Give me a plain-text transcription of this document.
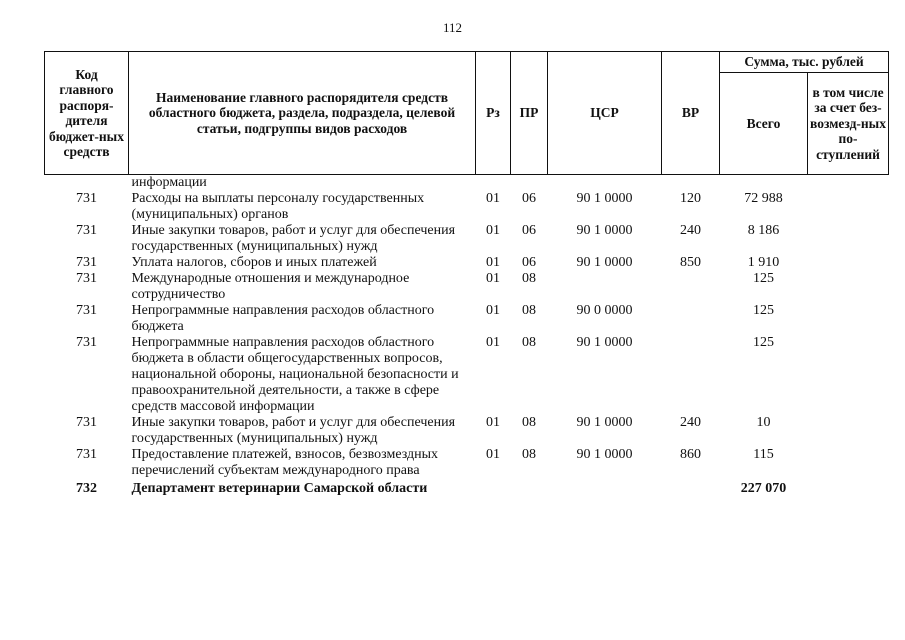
112
Код главного распоря-дителя бюджет-ных средств	Наименование главного распорядителя средств областного бюджета, раздела, подраздела, целевой статьи, подгруппы видов расходов	Рз	ПР	ЦСР	ВР	Сумма, тыс. рублей	
						Всего	в том числе за счет без-возмезд-ных по-ступлений
	информации						
731	Расходы на выплаты персоналу государственных (муниципальных) органов	01	06	90 1 0000	120	72 988	
731	Иные закупки товаров, работ и услуг для обеспечения государственных (муниципальных) нужд	01	06	90 1 0000	240	8 186	
731	Уплата налогов, сборов и иных платежей	01	06	90 1 0000	850	1 910	
731	Международные отношения и международное сотрудничество	01	08			125	
731	Непрограммные направления расходов областного бюджета	01	08	90 0 0000		125	
731	Непрограммные направления расходов областного бюджета в области общегосударственных вопросов, национальной обороны, национальной безопасности и правоохранительной деятельности, а также в сфере средств массовой информации	01	08	90 1 0000		125	
731	Иные закупки товаров, работ и услуг для обеспечения государственных (муниципальных) нужд	01	08	90 1 0000	240	10	
731	Предоставление платежей, взносов, безвозмездных перечислений субъектам международного права	01	08	90 1 0000	860	115	
732	Департамент ветеринарии Самарской области					227 070	
